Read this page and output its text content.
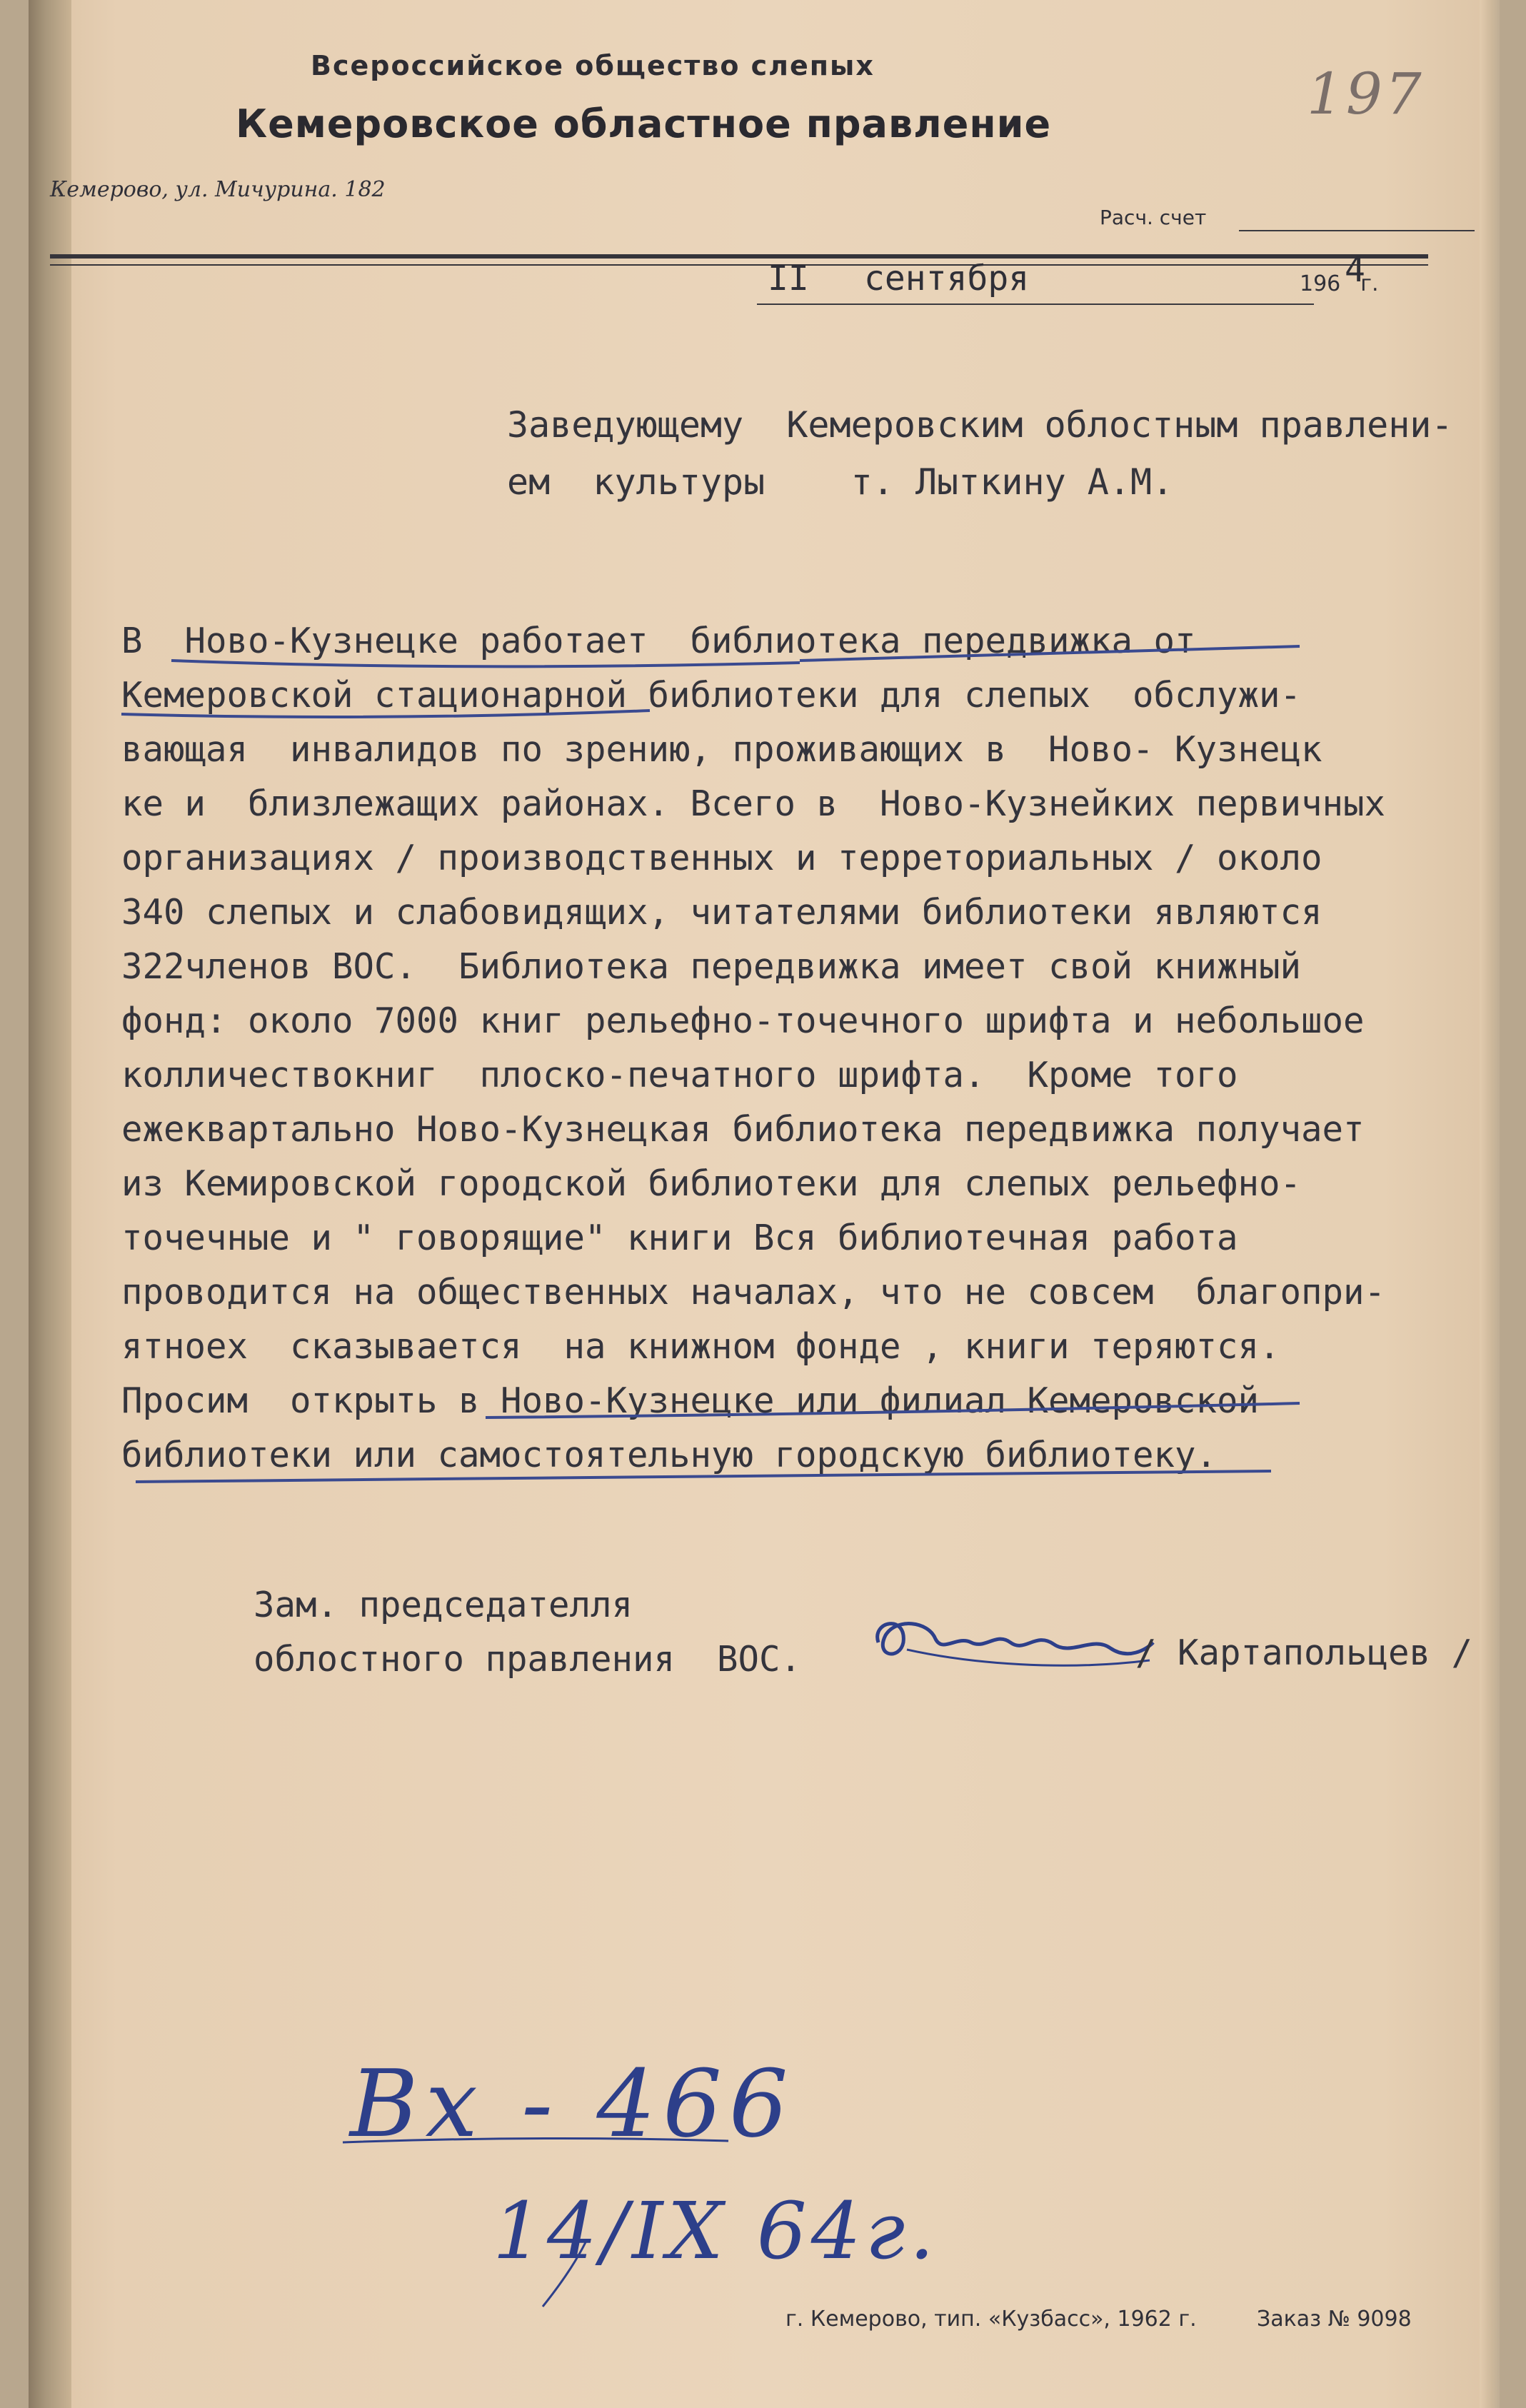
Всероссийское общество слепых
Кемеровское областное правление
Кемерово, ул. Мичурина. 182
Расч. счет
197
II сентября	196 г.
4
Заведующему  Кемеровским облостным правлени-
ем  культуры    т. Лыткину А.М.
В  Ново-Кузнецке работает  библиотека передвижка от
Кемеровской стационарной библиотеки для слепых  обслужи-
вающая  инвалидов по зрению, проживающих в  Ново- Кузнецк
ке и  близлежащих районах. Всего в  Ново-Кузнейких первичных
организациях / производственных и терреториальных / около
340 слепых и слабовидящих, читателями библиотеки являются
322членов ВОС.  Библиотека передвижка имеет свой книжный
фонд: около 7000 книг рельефно-точечного шрифта и небольшое
колличествокниг  плоско-печатного шрифта.  Кроме того
ежеквартально Ново-Кузнецкая библиотека передвижка получает
из Кемировской городской библиотеки для слепых рельефно-
точечные и " говорящие" книги Вся библиотечная работа
проводится на общественных началах, что не совсем  благопри-
ятноех  сказывается  на книжном фонде , книги теряются.
Просим  открыть в Ново-Кузнецке или филиал Кемеровской
библиотеки или самостоятельную городскую библиотеку.
Зам. председателля
облостного правления  ВОС.	/ Картапольцев /
Вх - 466
14/IX 64г.
г. Кемерово, тип. «Кузбасс», 1962 г.	Заказ № 9098
